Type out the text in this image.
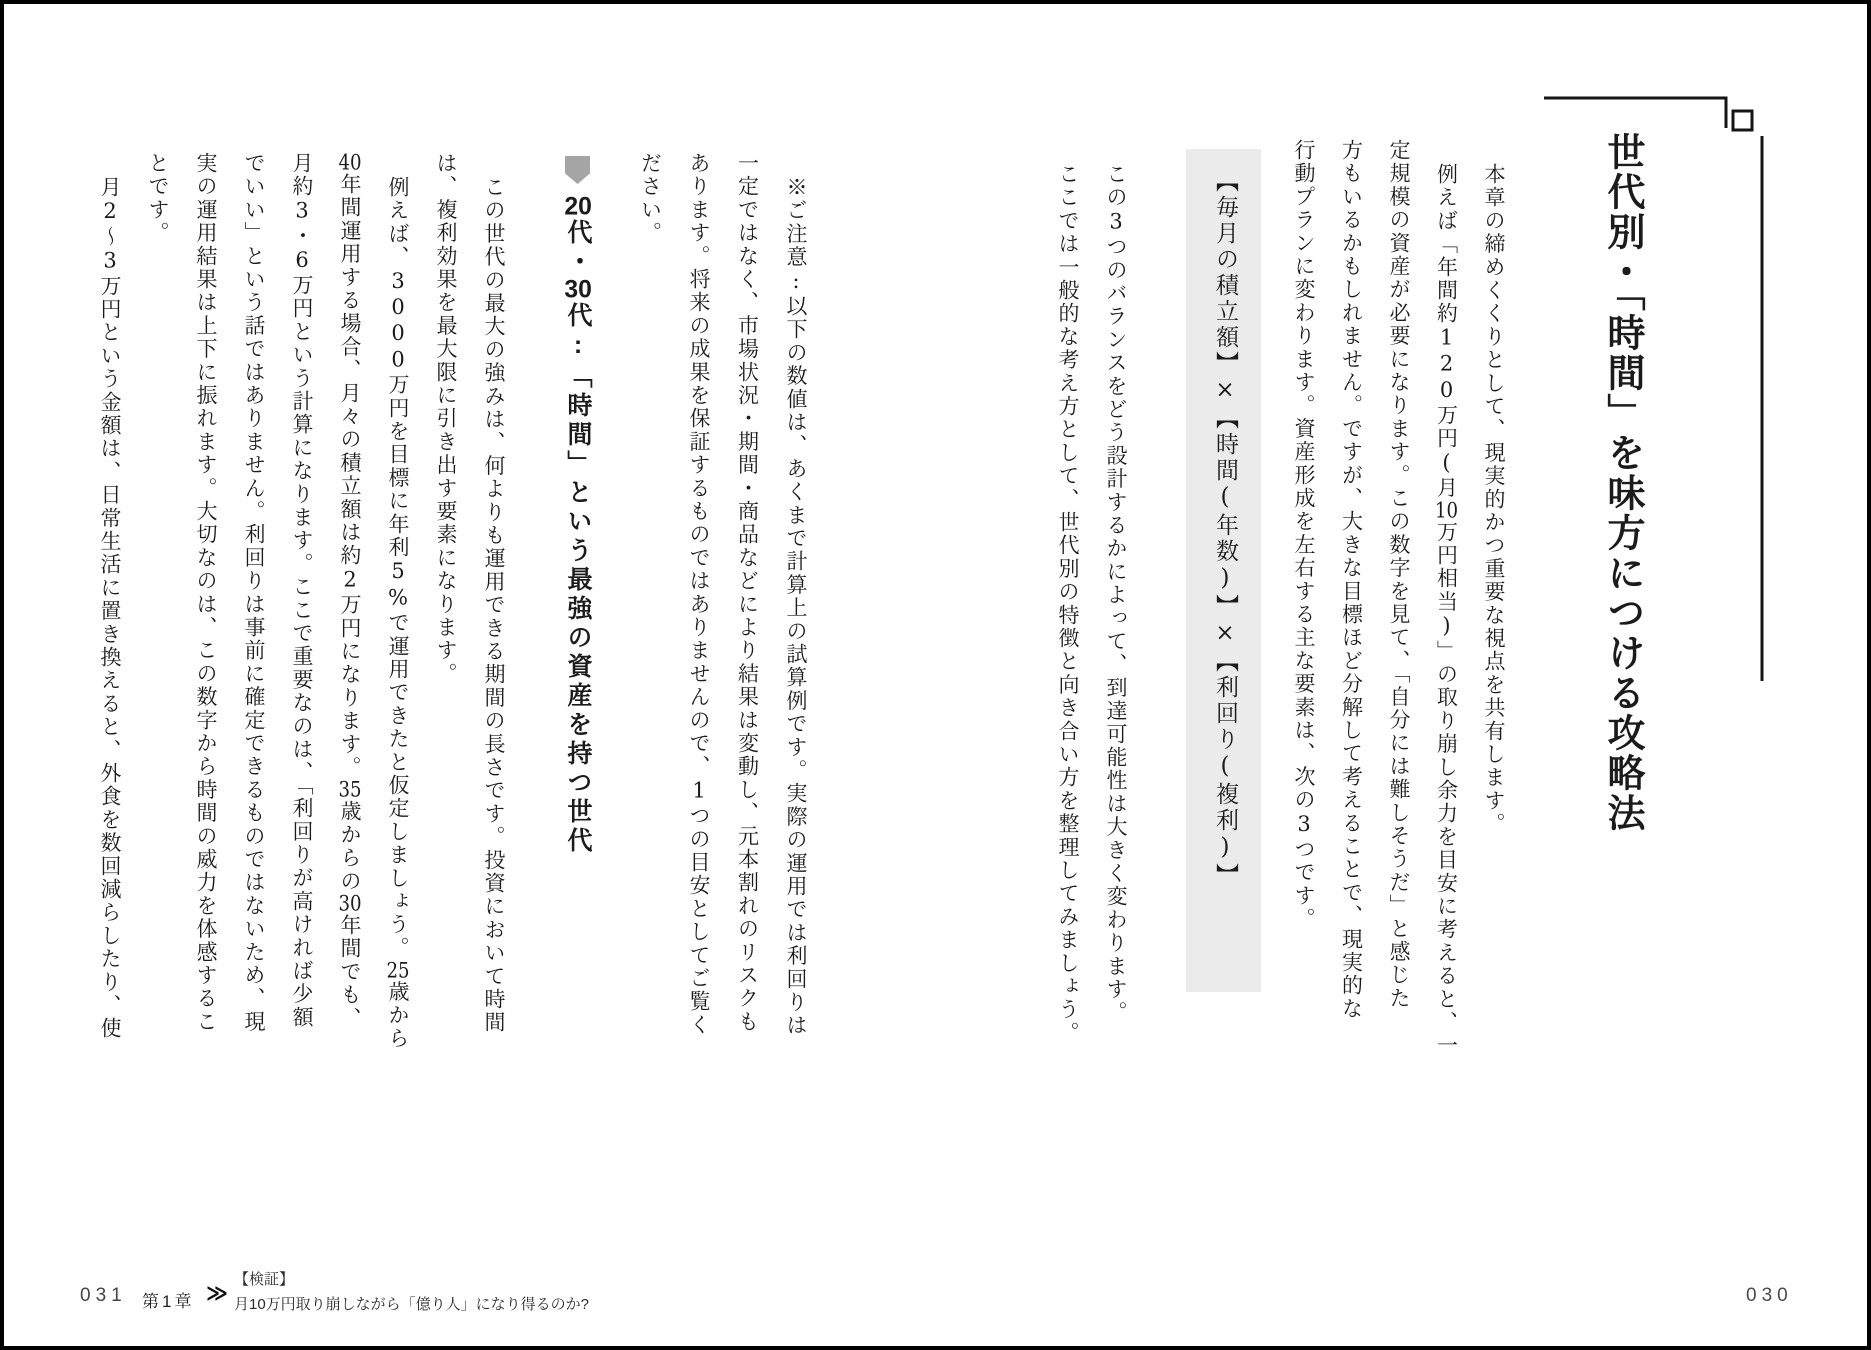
世代別・「時間」を味方につける攻略法
本章の締めくくりとして、現実的かつ重要な視点を共有します。
例えば「年間約120万円(月10万円相当)」の取り崩し余力を目安に考えると、一
定規模の資産が必要になります。この数字を見て、「自分には難しそうだ」と感じた
方もいるかもしれません。ですが、大きな目標ほど分解して考えることで、現実的な
行動プランに変わります。資産形成を左右する主な要素は、次の3つです。
【毎月の積立額】×【時間(年数)】×【利回り(複利)】
この3つのバランスをどう設計するかによって、到達可能性は大きく変わります。
ここでは一般的な考え方として、世代別の特徴と向き合い方を整理してみましょう。
030
※ご注意:以下の数値は、あくまで計算上の試算例です。実際の運用では利回りは
一定ではなく、市場状況・期間・商品などにより結果は変動し、元本割れのリスクも
あります。将来の成果を保証するものではありませんので、1つの目安としてご覧く
ださい。
20代・30代:「時間」という最強の資産を持つ世代
この世代の最大の強みは、何よりも運用できる期間の長さです。投資において時間
は、複利効果を最大限に引き出す要素になります。
例えば、3000万円を目標に年利5%で運用できたと仮定しましょう。25歳から
40年間運用する場合、月々の積立額は約2万円になります。35歳からの30年間でも、
月約3・6万円という計算になります。ここで重要なのは、「利回りが高ければ少額
でいい」という話ではありません。利回りは事前に確定できるものではないため、現
実の運用結果は上下に振れます。大切なのは、この数字から時間の威力を体感するこ
とです。
月2〜3万円という金額は、日常生活に置き換えると、外食を数回減らしたり、使
031 第1章 ≫
【検証】
月10万円取り崩しながら「億り人」になり得るのか?
